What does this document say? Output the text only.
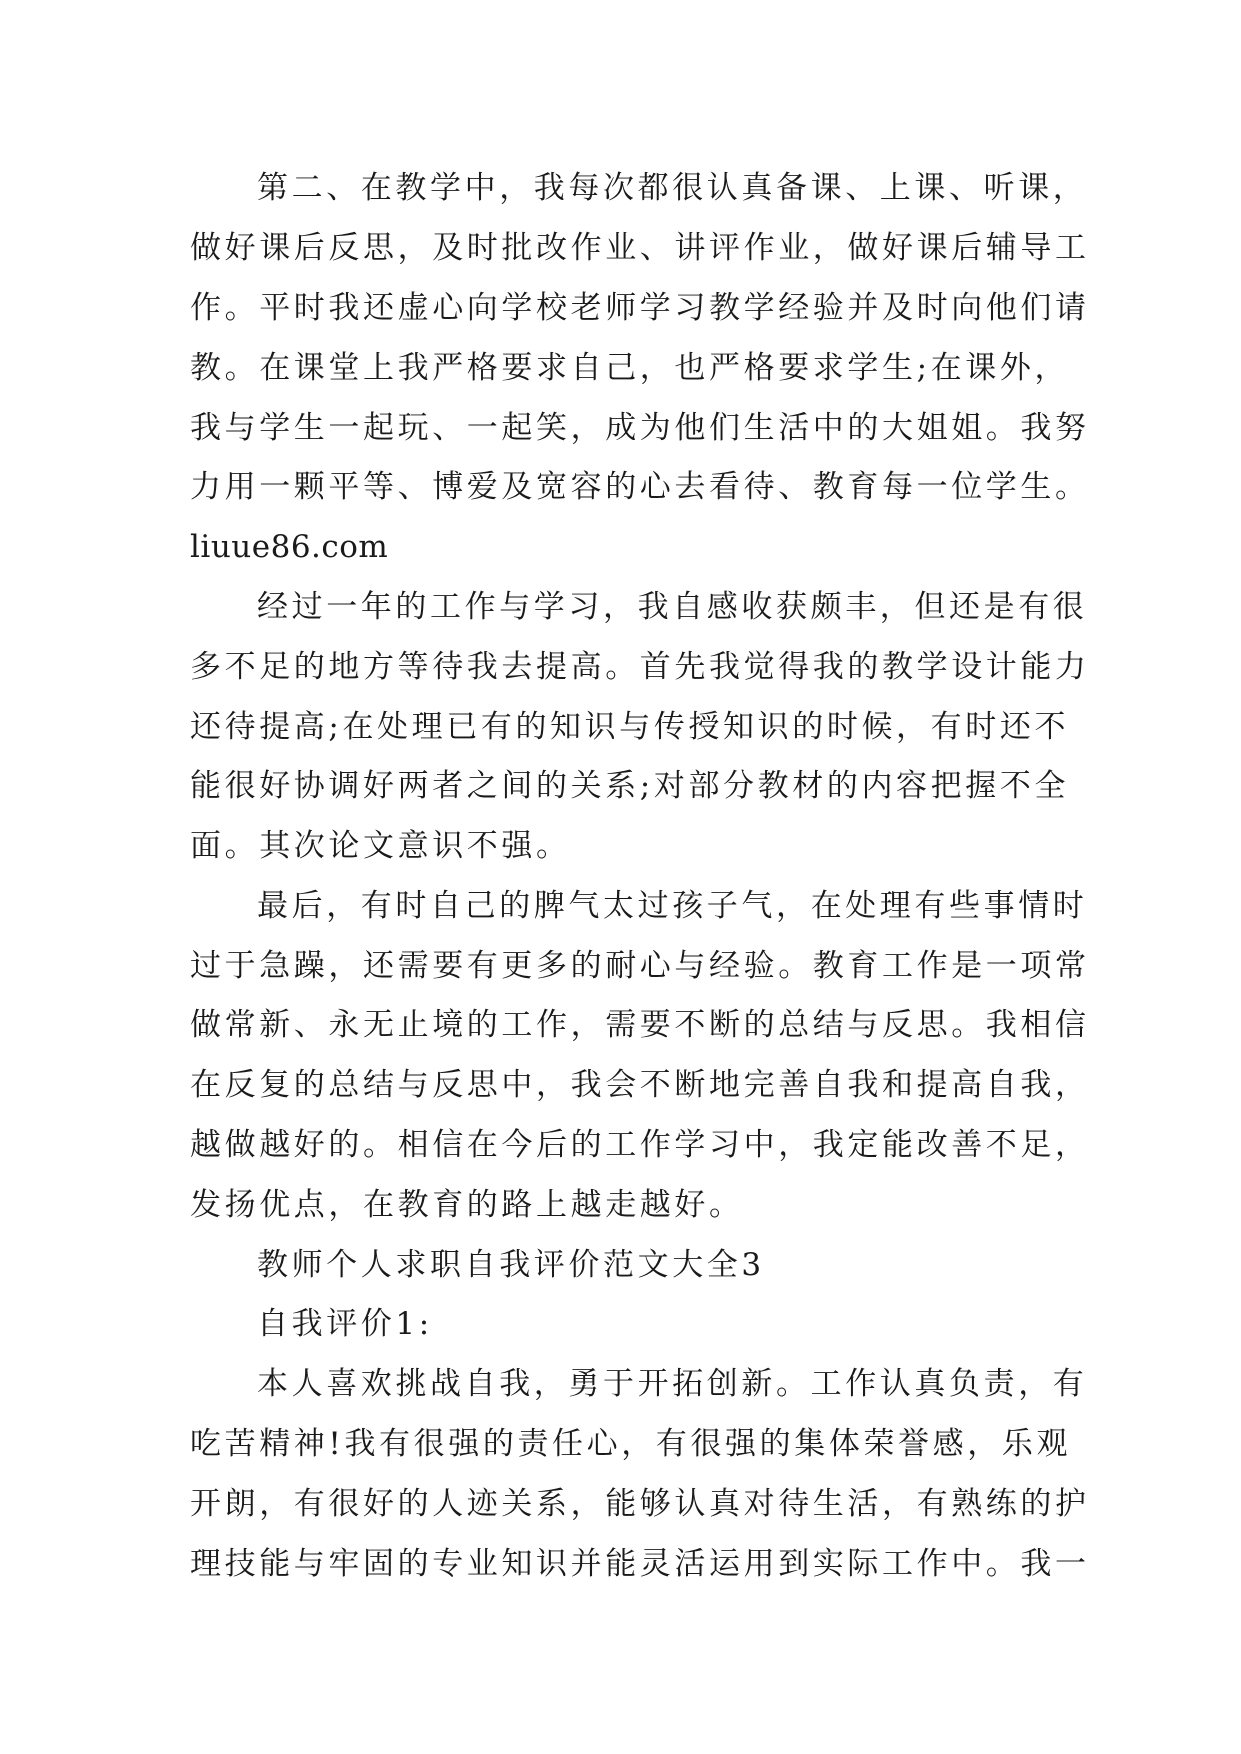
第二、在教学中，我每次都很认真备课、上课、听课，
做好课后反思，及时批改作业、讲评作业，做好课后辅导工
作。平时我还虚心向学校老师学习教学经验并及时向他们请
教。在课堂上我严格要求自己，也严格要求学生;在课外，
我与学生一起玩、一起笑，成为他们生活中的大姐姐。我努
力用一颗平等、博爱及宽容的心去看待、教育每一位学生。
liuue86.com
经过一年的工作与学习，我自感收获颇丰，但还是有很
多不足的地方等待我去提高。首先我觉得我的教学设计能力
还待提高;在处理已有的知识与传授知识的时候，有时还不
能很好协调好两者之间的关系;对部分教材的内容把握不全
面。其次论文意识不强。
最后，有时自己的脾气太过孩子气，在处理有些事情时
过于急躁，还需要有更多的耐心与经验。教育工作是一项常
做常新、永无止境的工作，需要不断的总结与反思。我相信
在反复的总结与反思中，我会不断地完善自我和提高自我，
越做越好的。相信在今后的工作学习中，我定能改善不足，
发扬优点，在教育的路上越走越好。
教师个人求职自我评价范文大全3
自我评价1:
本人喜欢挑战自我，勇于开拓创新。工作认真负责，有
吃苦精神!我有很强的责任心，有很强的集体荣誉感，乐观
开朗，有很好的人迹关系，能够认真对待生活，有熟练的护
理技能与牢固的专业知识并能灵活运用到实际工作中。我一
